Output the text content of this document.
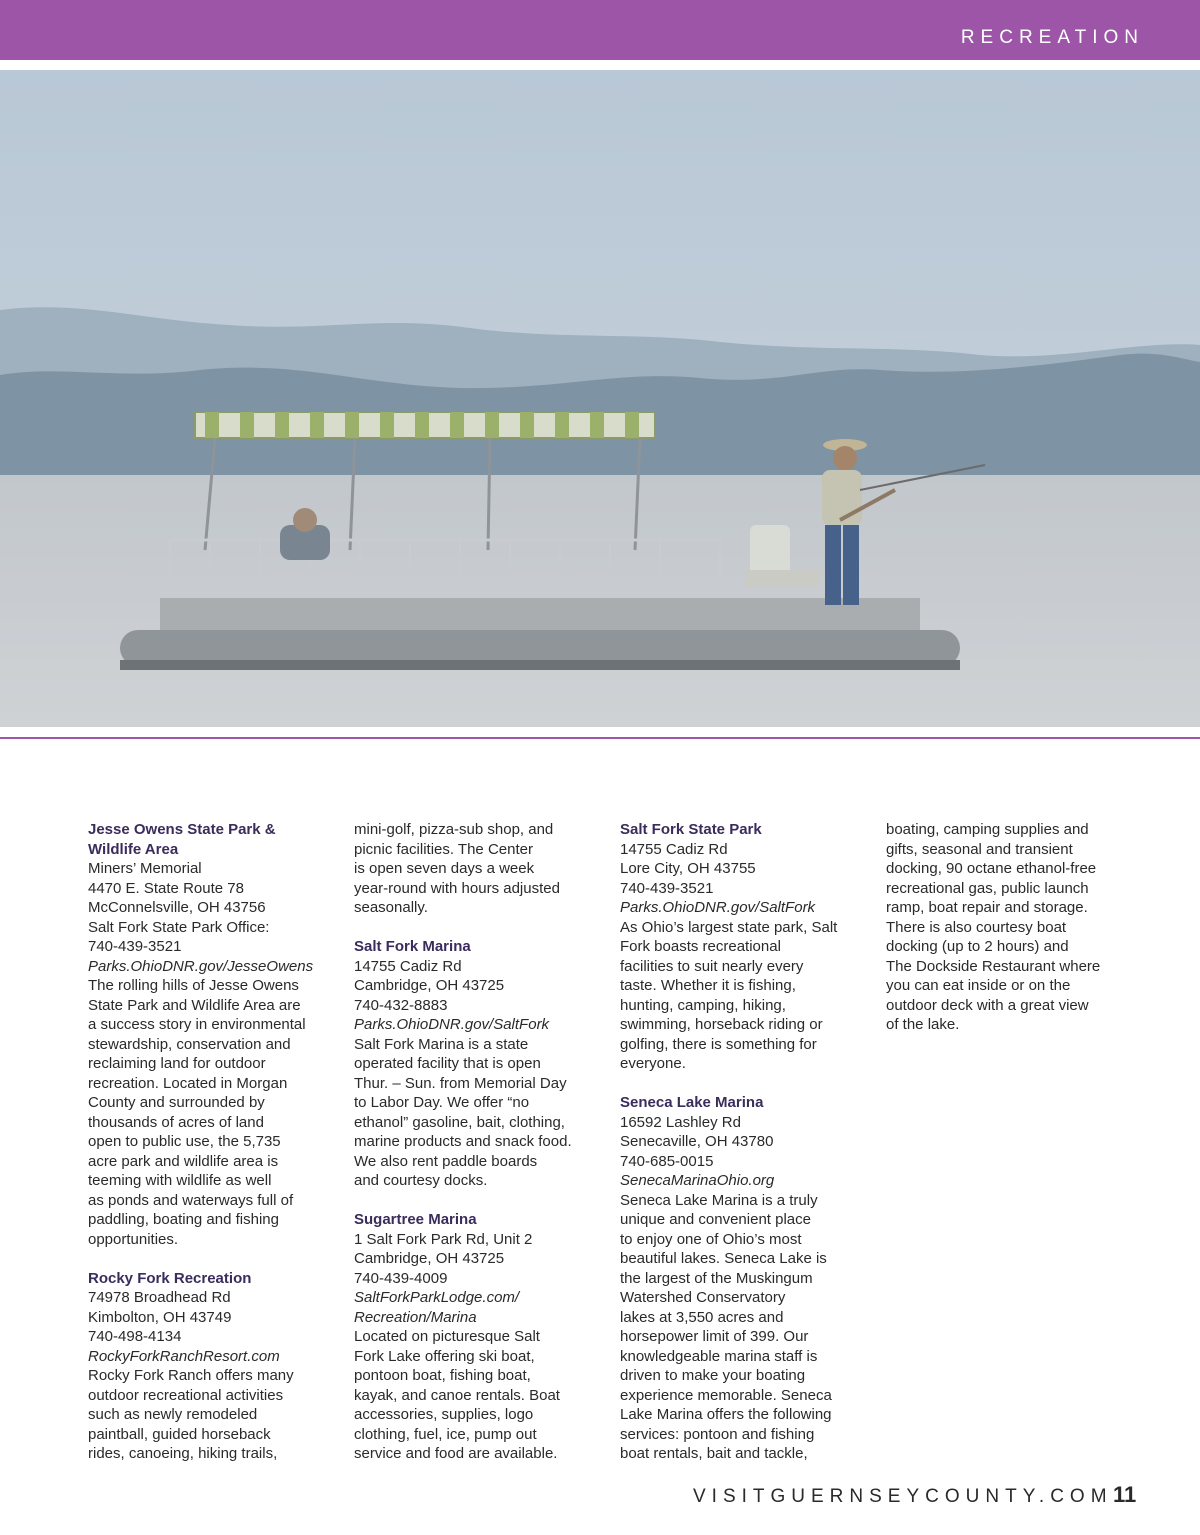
RECREATION
Jesse Owens State Park &
Wildlife Area
Miners’ Memorial
4470 E. State Route 78
McConnelsville, OH 43756
Salt Fork State Park Office:
740-439-3521
Parks.OhioDNR.gov/JesseOwens
The rolling hills of Jesse Owens
State Park and Wildlife Area are
a success story in environmental
stewardship, conservation and
reclaiming land for outdoor
recreation. Located in Morgan
County and surrounded by
thousands of acres of land
open to public use, the 5,735
acre park and wildlife area is
teeming with wildlife as well
as ponds and waterways full of
paddling, boating and fishing
opportunities.
Rocky Fork Recreation
74978 Broadhead Rd
Kimbolton, OH 43749
740-498-4134
RockyForkRanchResort.com
Rocky Fork Ranch offers many
outdoor recreational activities
such as newly remodeled
paintball, guided horseback
rides, canoeing, hiking trails,
mini-golf, pizza-sub shop, and
picnic facilities. The Center
is open seven days a week
year-round with hours adjusted
seasonally.
Salt Fork Marina
14755 Cadiz Rd
Cambridge, OH 43725
740-432-8883
Parks.OhioDNR.gov/SaltFork
Salt Fork Marina is a state
operated facility that is open
Thur. – Sun. from Memorial Day
to Labor Day. We offer “no
ethanol” gasoline, bait, clothing,
marine products and snack food.
We also rent paddle boards
and courtesy docks.
Sugartree Marina
1 Salt Fork Park Rd, Unit 2
Cambridge, OH 43725
740-439-4009
SaltForkParkLodge.com/
Recreation/Marina
Located on picturesque Salt
Fork Lake offering ski boat,
pontoon boat, fishing boat,
kayak, and canoe rentals. Boat
accessories, supplies, logo
clothing, fuel, ice, pump out
service and food are available.
Salt Fork State Park
14755 Cadiz Rd
Lore City, OH 43755
740-439-3521
Parks.OhioDNR.gov/SaltFork
As Ohio’s largest state park, Salt
Fork boasts recreational
facilities to suit nearly every
taste. Whether it is fishing,
hunting, camping, hiking,
swimming, horseback riding or
golfing, there is something for
everyone.
Seneca Lake Marina
16592 Lashley Rd
Senecaville, OH 43780
740-685-0015
SenecaMarinaOhio.org
Seneca Lake Marina is a truly
unique and convenient place
to enjoy one of Ohio’s most
beautiful lakes. Seneca Lake is
the largest of the Muskingum
Watershed Conservatory
lakes at 3,550 acres and
horsepower limit of 399. Our
knowledgeable marina staff is
driven to make your boating
experience memorable. Seneca
Lake Marina offers the following
services: pontoon and fishing
boat rentals, bait and tackle,
boating, camping supplies and
gifts, seasonal and transient
docking, 90 octane ethanol-free
recreational gas, public launch
ramp, boat repair and storage.
There is also courtesy boat
docking (up to 2 hours) and
The Dockside Restaurant where
you can eat inside or on the
outdoor deck with a great view
of the lake.
VISITGUERNSEYCOUNTY.COM 11
